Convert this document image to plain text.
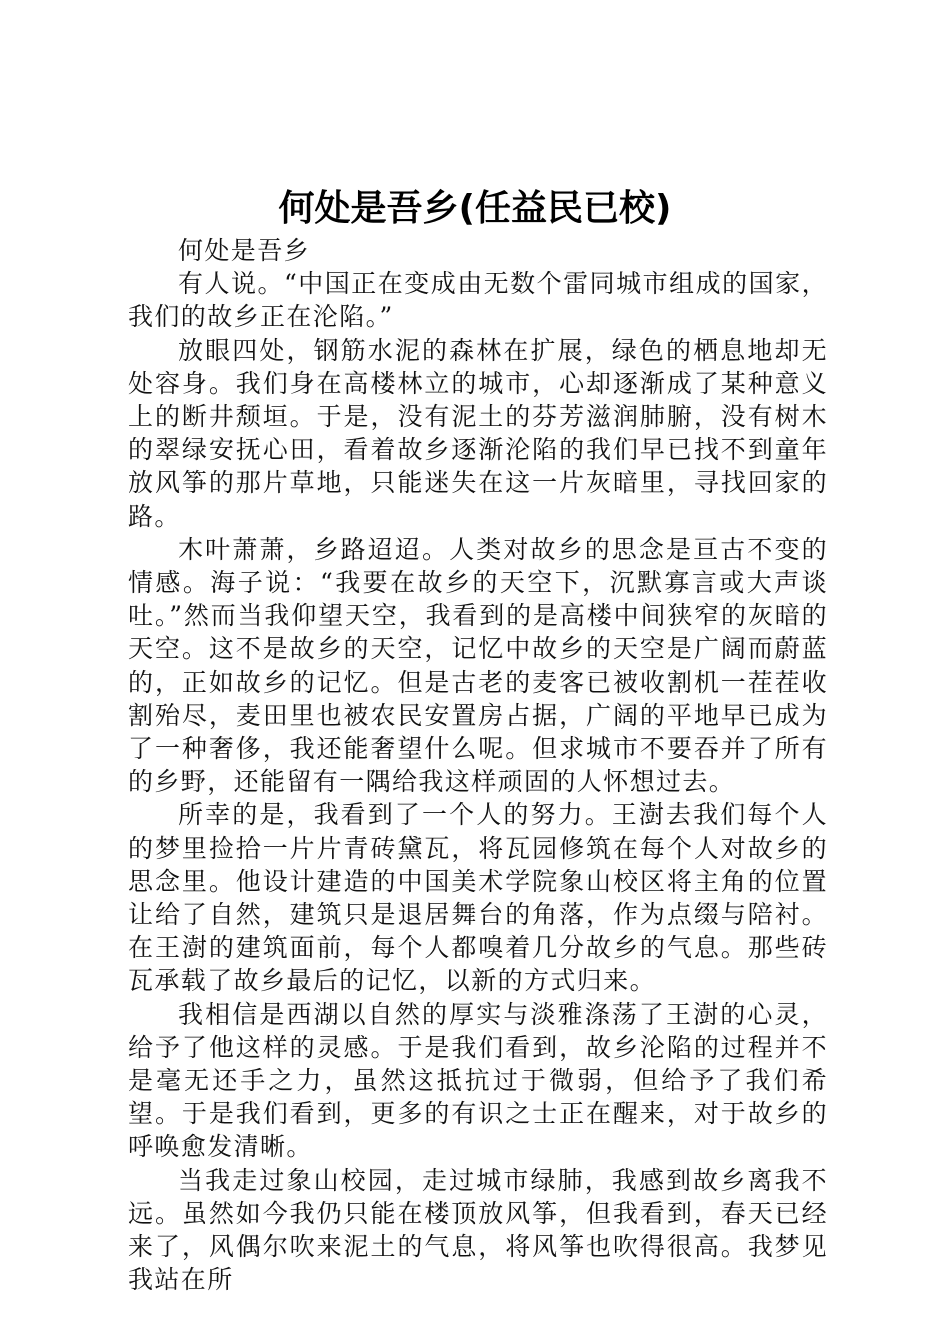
何处是吾乡(任益民已校)

何处是吾乡

有人说。“中国正在变成由无数个雷同城市组成的国家，我们的故乡正在沦陷。”

放眼四处，钢筋水泥的森林在扩展，绿色的栖息地却无处容身。我们身在高楼林立的城市，心却逐渐成了某种意义上的断井颓垣。于是，没有泥土的芬芳滋润肺腑，没有树木的翠绿安抚心田，看着故乡逐渐沦陷的我们早已找不到童年放风筝的那片草地，只能迷失在这一片灰暗里，寻找回家的路。

木叶萧萧，乡路迢迢。人类对故乡的思念是亘古不变的情感。海子说：“我要在故乡的天空下，沉默寡言或大声谈吐。”然而当我仰望天空，我看到的是高楼中间狭窄的灰暗的天空。这不是故乡的天空，记忆中故乡的天空是广阔而蔚蓝的，正如故乡的记忆。但是古老的麦客已被收割机一茬茬收割殆尽，麦田里也被农民安置房占据，广阔的平地早已成为了一种奢侈，我还能奢望什么呢。但求城市不要吞并了所有的乡野，还能留有一隅给我这样顽固的人怀想过去。

所幸的是，我看到了一个人的努力。王澍去我们每个人的梦里捡拾一片片青砖黛瓦，将瓦园修筑在每个人对故乡的思念里。他设计建造的中国美术学院象山校区将主角的位置让给了自然，建筑只是退居舞台的角落，作为点缀与陪衬。在王澍的建筑面前，每个人都嗅着几分故乡的气息。那些砖瓦承载了故乡最后的记忆，以新的方式归来。

我相信是西湖以自然的厚实与淡雅涤荡了王澍的心灵，给予了他这样的灵感。于是我们看到，故乡沦陷的过程并不是毫无还手之力，虽然这抵抗过于微弱，但给予了我们希望。于是我们看到，更多的有识之士正在醒来，对于故乡的呼唤愈发清晰。

当我走过象山校园，走过城市绿肺，我感到故乡离我不远。虽然如今我仍只能在楼顶放风筝，但我看到，春天已经来了，风偶尔吹来泥土的气息，将风筝也吹得很高。我梦见我站在所
